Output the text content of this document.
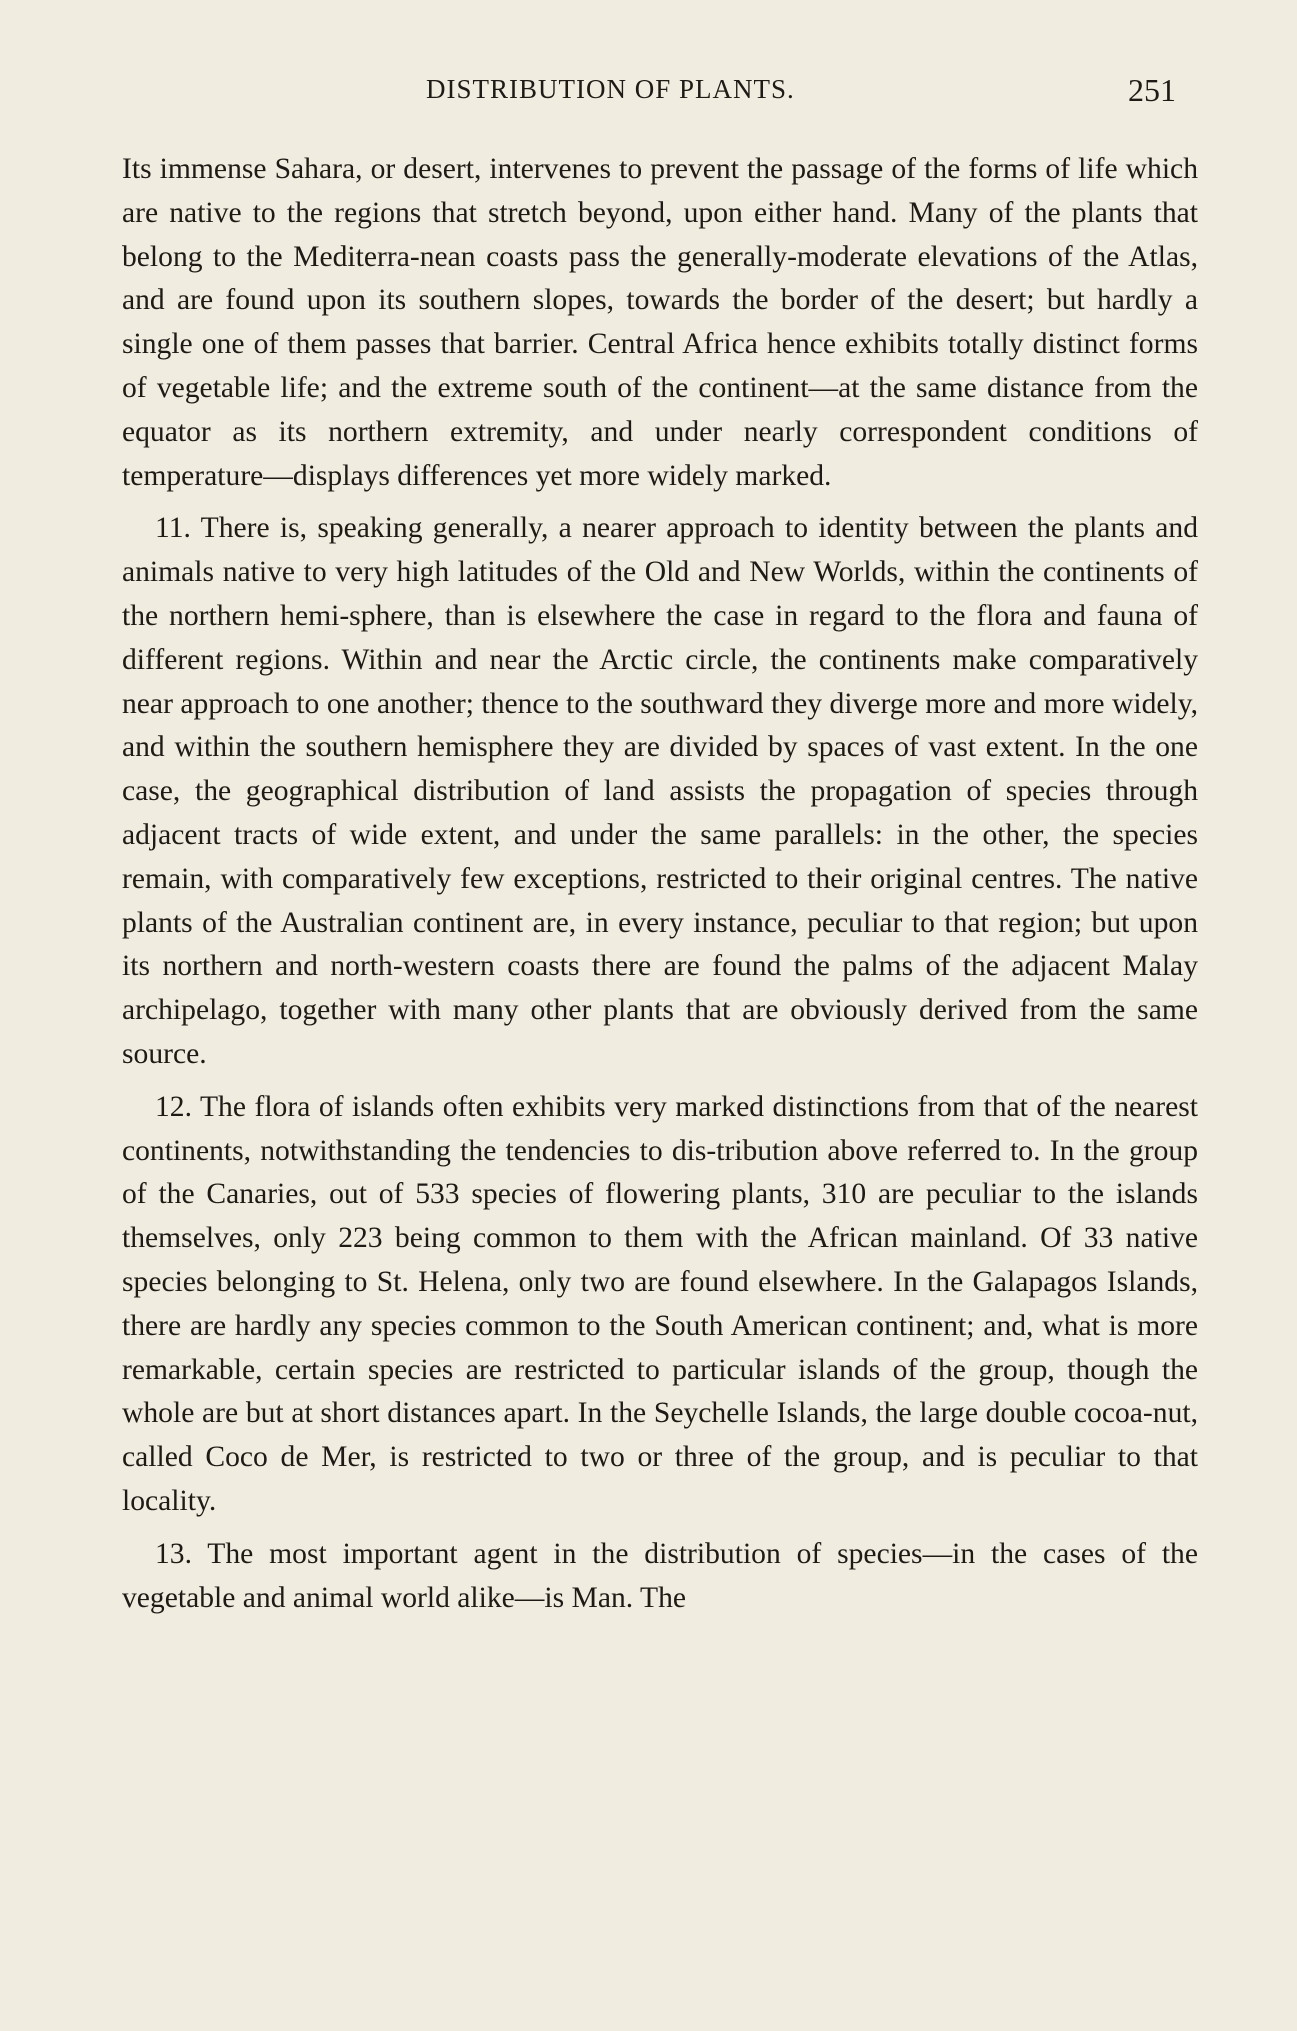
DISTRIBUTION OF PLANTS.	251

Its immense Sahara, or desert, intervenes to prevent the passage of the forms of life which are native to the regions that stretch beyond, upon either hand. Many of the plants that belong to the Mediterra-nean coasts pass the generally-moderate elevations of the Atlas, and are found upon its southern slopes, towards the border of the desert; but hardly a single one of them passes that barrier. Central Africa hence exhibits totally distinct forms of vegetable life; and the extreme south of the continent—at the same distance from the equator as its northern extremity, and under nearly correspondent conditions of temperature—displays differences yet more widely marked.

11. There is, speaking generally, a nearer approach to identity between the plants and animals native to very high latitudes of the Old and New Worlds, within the continents of the northern hemi-sphere, than is elsewhere the case in regard to the flora and fauna of different regions. Within and near the Arctic circle, the continents make comparatively near approach to one another; thence to the southward they diverge more and more widely, and within the southern hemisphere they are divided by spaces of vast extent. In the one case, the geographical distribution of land assists the propagation of species through adjacent tracts of wide extent, and under the same parallels: in the other, the species remain, with comparatively few exceptions, restricted to their original centres. The native plants of the Australian continent are, in every instance, peculiar to that region; but upon its northern and north-western coasts there are found the palms of the adjacent Malay archipelago, together with many other plants that are obviously derived from the same source.

12. The flora of islands often exhibits very marked distinctions from that of the nearest continents, notwithstanding the tendencies to dis-tribution above referred to. In the group of the Canaries, out of 533 species of flowering plants, 310 are peculiar to the islands themselves, only 223 being common to them with the African mainland. Of 33 native species belonging to St. Helena, only two are found elsewhere. In the Galapagos Islands, there are hardly any species common to the South American continent; and, what is more remarkable, certain species are restricted to particular islands of the group, though the whole are but at short distances apart. In the Seychelle Islands, the large double cocoa-nut, called Coco de Mer, is restricted to two or three of the group, and is peculiar to that locality.

13. The most important agent in the distribution of species—in the cases of the vegetable and animal world alike—is Man. The
